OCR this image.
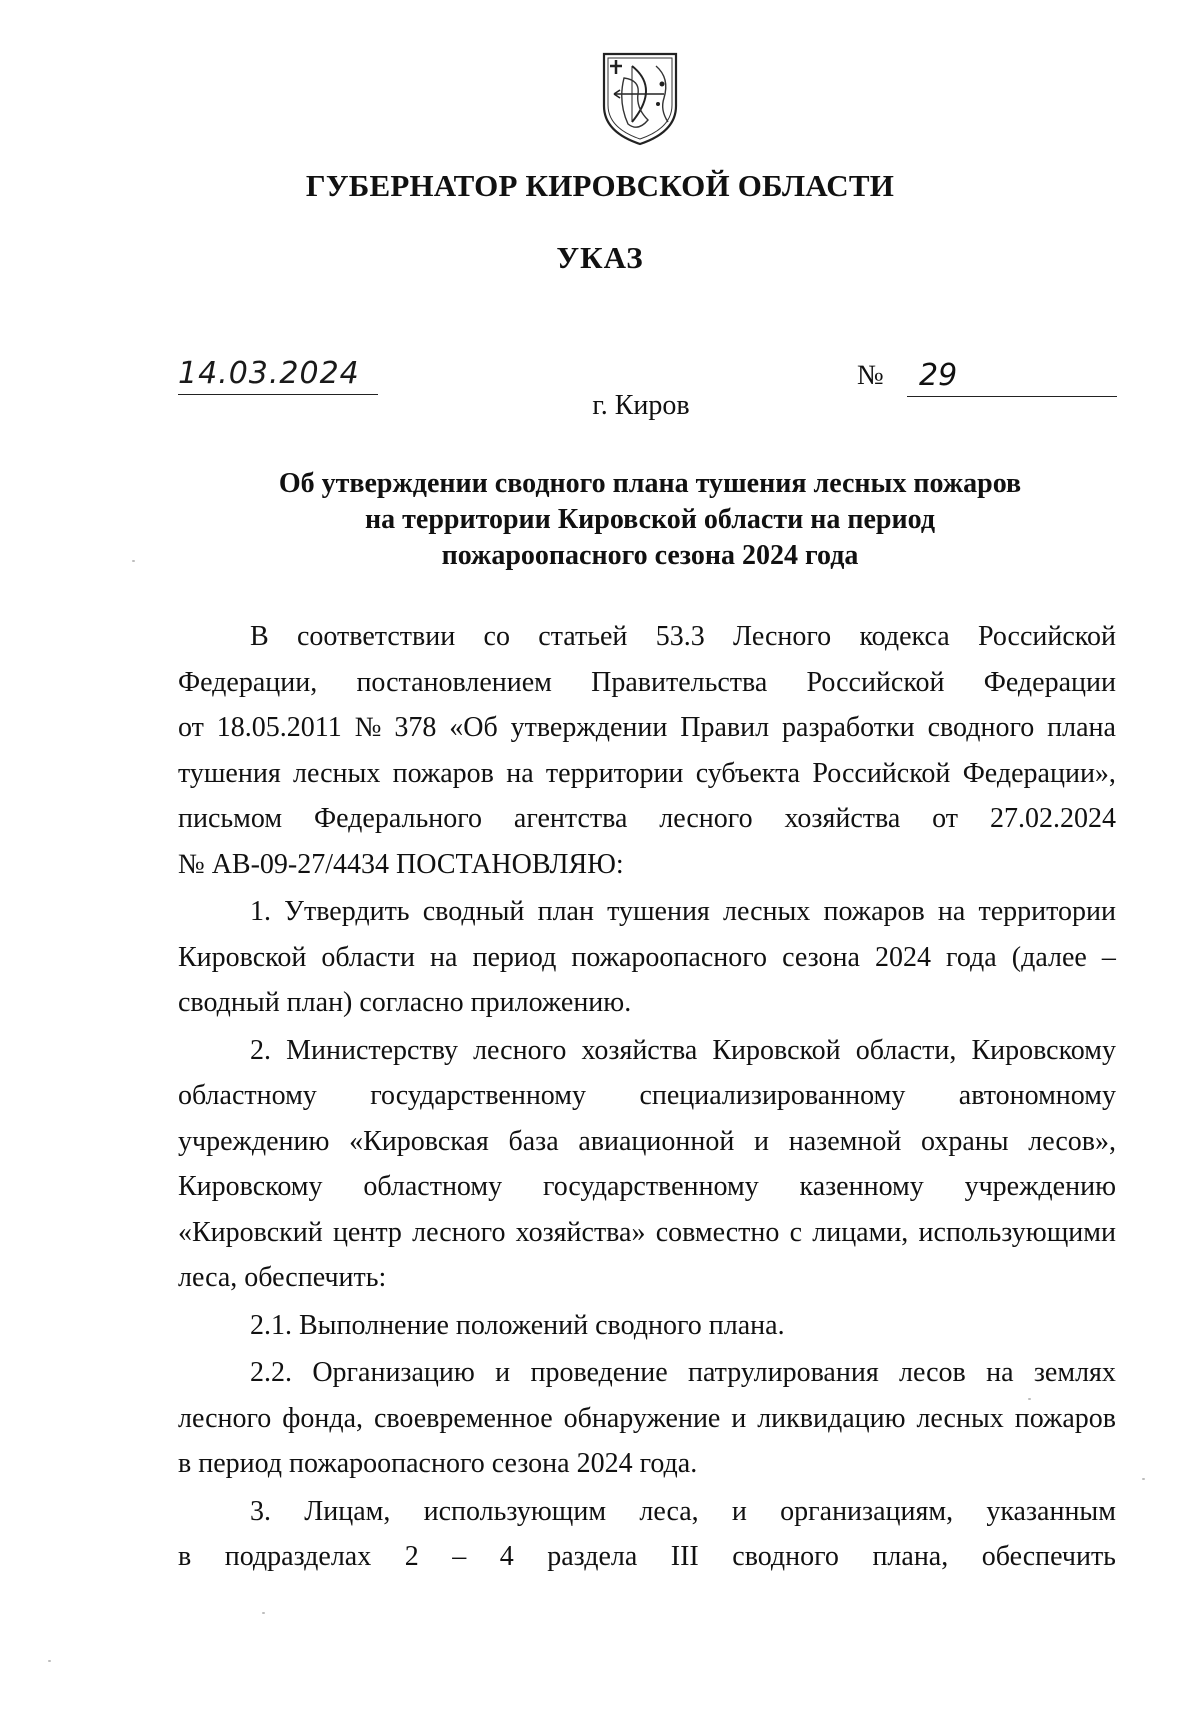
ГУБЕРНАТОР КИРОВСКОЙ ОБЛАСТИ
УКАЗ
14.03.2024	№ 29
г. Киров
Об утверждении сводного плана тушения лесных пожаров
на территории Кировской области на период
пожароопасного сезона 2024 года
В соответствии со статьей 53.3 Лесного кодекса Российской
Федерации, постановлением Правительства Российской Федерации
от 18.05.2011 № 378 «Об утверждении Правил разработки сводного плана
тушения лесных пожаров на территории субъекта Российской Федерации»,
письмом Федерального агентства лесного хозяйства от 27.02.2024
№ АВ-09-27/4434 ПОСТАНОВЛЯЮ:
1. Утвердить сводный план тушения лесных пожаров на территории
Кировской области на период пожароопасного сезона 2024 года (далее –
сводный план) согласно приложению.
2. Министерству лесного хозяйства Кировской области, Кировскому
областному государственному специализированному автономному
учреждению «Кировская база авиационной и наземной охраны лесов»,
Кировскому областному государственному казенному учреждению
«Кировский центр лесного хозяйства» совместно с лицами, использующими
леса, обеспечить:
2.1. Выполнение положений сводного плана.
2.2. Организацию и проведение патрулирования лесов на землях
лесного фонда, своевременное обнаружение и ликвидацию лесных пожаров
в период пожароопасного сезона 2024 года.
3. Лицам, использующим леса, и организациям, указанным
в подразделах 2 – 4 раздела III сводного плана, обеспечить
